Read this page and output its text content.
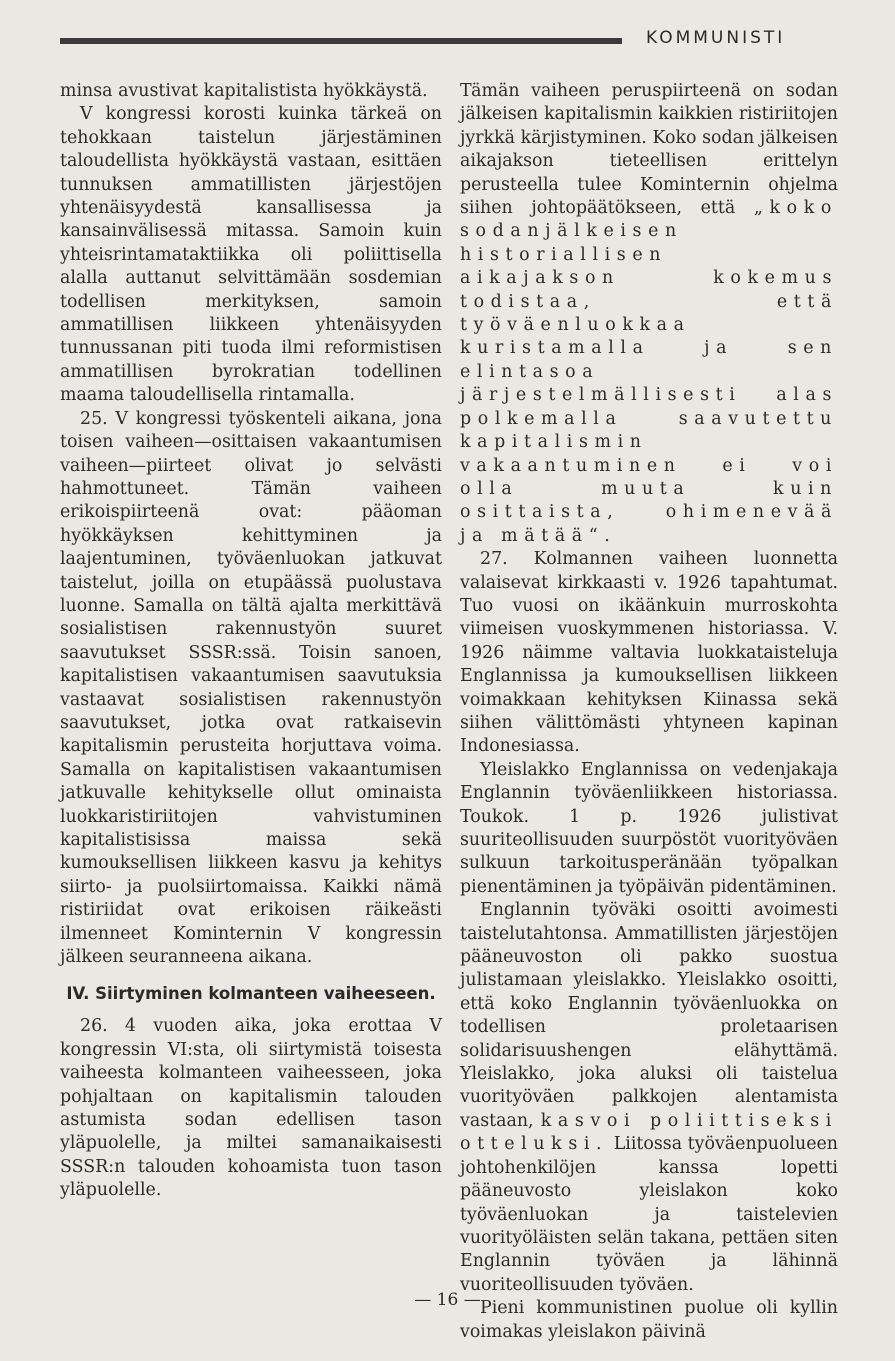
KOMMUNISTI

minsa avustivat kapitalistista hyökkäystä.

V kongressi korosti kuinka tärkeä on tehokkaan taistelun järjestäminen taloudellista hyökkäystä vastaan, esittäen tunnuksen ammatillisten järjestöjen yhtenäisyydestä kansallisessa ja kansainvälisessä mitassa. Samoin kuin yhteisrintamataktiikka oli poliittisella alalla auttanut selvittämään sosdemian todellisen merkityksen, samoin ammatillisen liikkeen yhtenäisyyden tunnussanan piti tuoda ilmi reformistisen ammatillisen byrokratian todellinen maama taloudellisella rintamalla.

25. V kongressi työskenteli aikana, jona toisen vaiheen—osittaisen vakaantumisen vaiheen—piirteet olivat jo selvästi hahmottuneet. Tämän vaiheen erikoispiirteenä ovat: pääoman hyökkäyksen kehittyminen ja laajentuminen, työväenluokan jatkuvat taistelut, joilla on etupäässä puolustava luonne. Samalla on tältä ajalta merkittävä sosialistisen rakennustyön suuret saavutukset SSSR:ssä. Toisin sanoen, kapitalistisen vakaantumisen saavutuksia vastaavat sosialistisen rakennustyön saavutukset, jotka ovat ratkaisevin kapitalismin perusteita horjuttava voima. Samalla on kapitalistisen vakaantumisen jatkuvalle kehitykselle ollut ominaista luokkaristiriitojen vahvistuminen kapitalistisissa maissa sekä kumouksellisen liikkeen kasvu ja kehitys siirto- ja puolsiirtomaissa. Kaikki nämä ristiriidat ovat erikoisen räikeästi ilmenneet Kominternin V kongressin jälkeen seuranneena aikana.

IV. Siirtyminen kolmanteen vaiheeseen.

26. 4 vuoden aika, joka erottaa V kongressin VI:sta, oli siirtymistä toisesta vaiheesta kolmanteen vaiheesseen, joka pohjaltaan on kapitalismin talouden astumista sodan edellisen tason yläpuolelle, ja miltei samanaikaisesti SSSR:n talouden kohoamista tuon tason yläpuolelle.

Tämän vaiheen peruspiirteenä on sodan jälkeisen kapitalismin kaikkien ristiriitojen jyrkkä kärjistyminen. Koko sodan jälkeisen aikajakson tieteellisen erittelyn perusteella tulee Kominternin ohjelma siihen johtopäätökseen, että „koko sodanjälkeisen historiallisen aikajakson kokemus todistaa, että työväenluokkaa kuristamalla ja sen elintasoa järjestelmällisesti alas polkemalla saavutettu kapitalismin vakaantuminen ei voi olla muuta kuin osittaista, ohimenevää ja mätää“.

27. Kolmannen vaiheen luonnetta valaisevat kirkkaasti v. 1926 tapahtumat. Tuo vuosi on ikäänkuin murroskohta viimeisen vuoskymmenen historiassa. V. 1926 näimme valtavia luokkataisteluja Englannissa ja kumouksellisen liikkeen voimakkaan kehityksen Kiinassa sekä siihen välittömästi yhtyneen kapinan Indonesiassa.

Yleislakko Englannissa on vedenjakaja Englannin työväenliikkeen historiassa. Toukok. 1 p. 1926 julistivat suuriteollisuuden suurpöstöt vuorityöväen sulkuun tarkoitusperänään työpalkan pienentäminen ja työpäivän pidentäminen.

Englannin työväki osoitti avoimesti taistelutahtonsa. Ammatillisten järjestöjen pääneuvoston oli pakko suostua julistamaan yleislakko. Yleislakko osoitti, että koko Englannin työväenluokka on todellisen proletaarisen solidarisuushengen elähyttämä. Yleislakko, joka aluksi oli taistelua vuorityöväen palkkojen alentamista vastaan, kasvoi poliittiseksi otteluksi. Liitossa työväenpuolueen johtohenkilöjen kanssa lopetti pääneuvosto yleislakon koko työväenluokan ja taistelevien vuorityöläisten selän takana, pettäen siten Englannin työväen ja lähinnä vuoriteollisuuden työväen.

Pieni kommunistinen puolue oli kyllin voimakas yleislakon päivinä

— 16 —
